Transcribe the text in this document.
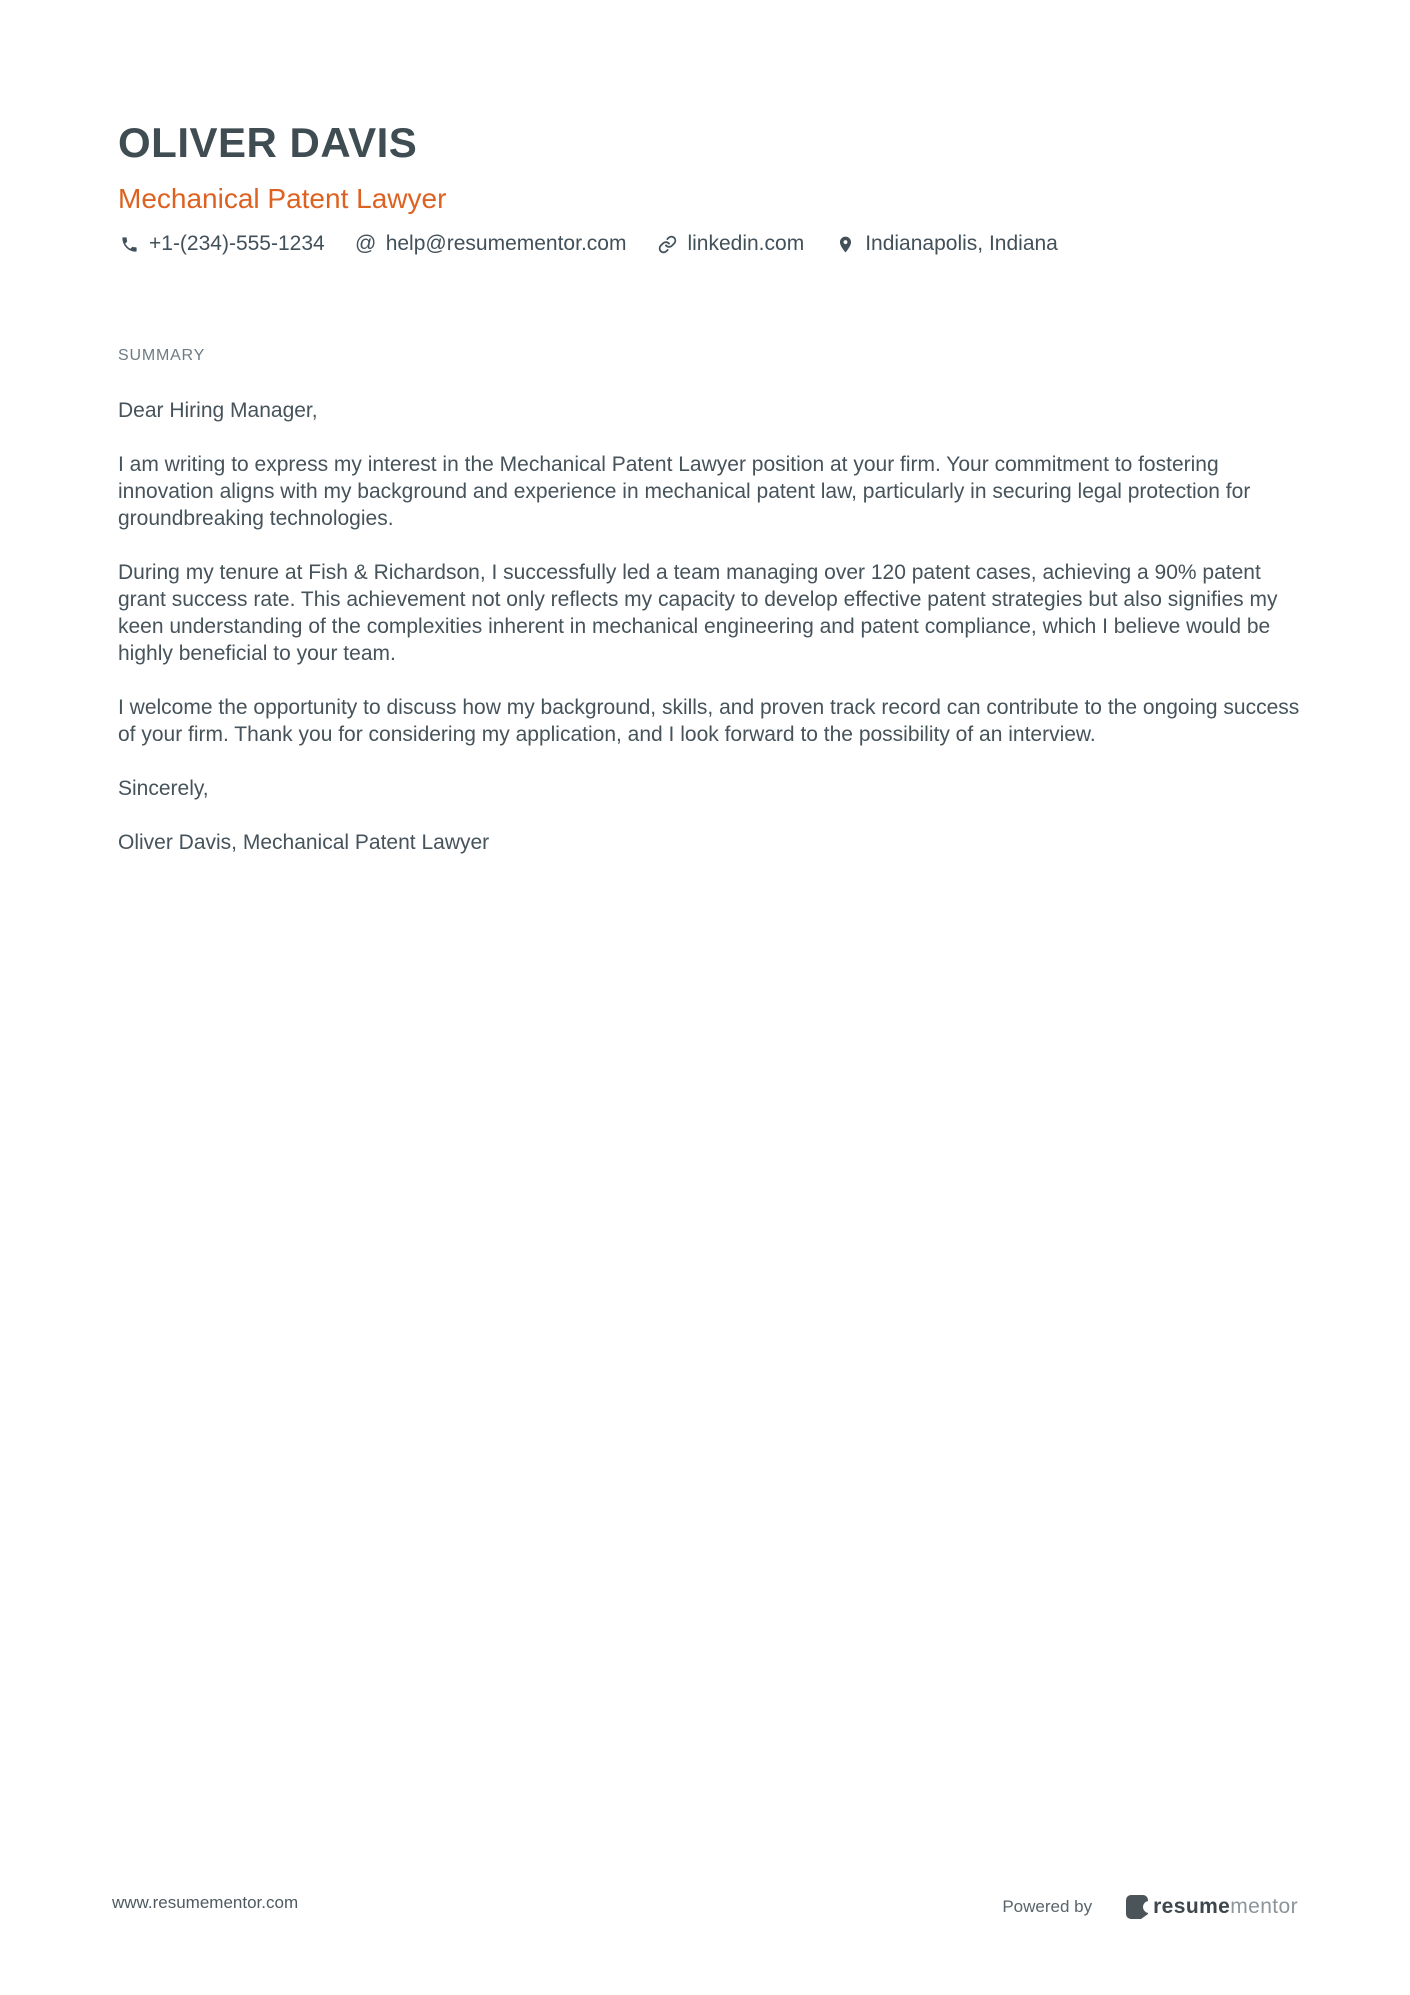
OLIVER DAVIS
Mechanical Patent Lawyer
+1-(234)-555-1234 @ help@resumementor.com	linkedin.com	Indianapolis, Indiana
SUMMARY

Dear Hiring Manager,

I am writing to express my interest in the Mechanical Patent Lawyer position at your firm. Your commitment to fostering innovation aligns with my background and experience in mechanical patent law, particularly in securing legal protection for groundbreaking technologies.

During my tenure at Fish & Richardson, I successfully led a team managing over 120 patent cases, achieving a 90% patent grant success rate. This achievement not only reflects my capacity to develop effective patent strategies but also signifies my keen understanding of the complexities inherent in mechanical engineering and patent compliance, which I believe would be highly beneficial to your team.

I welcome the opportunity to discuss how my background, skills, and proven track record can contribute to the ongoing success of your firm. Thank you for considering my application, and I look forward to the possibility of an interview.

Sincerely,

Oliver Davis, Mechanical Patent Lawyer

www.resumementor.com	Powered by	resumementor
